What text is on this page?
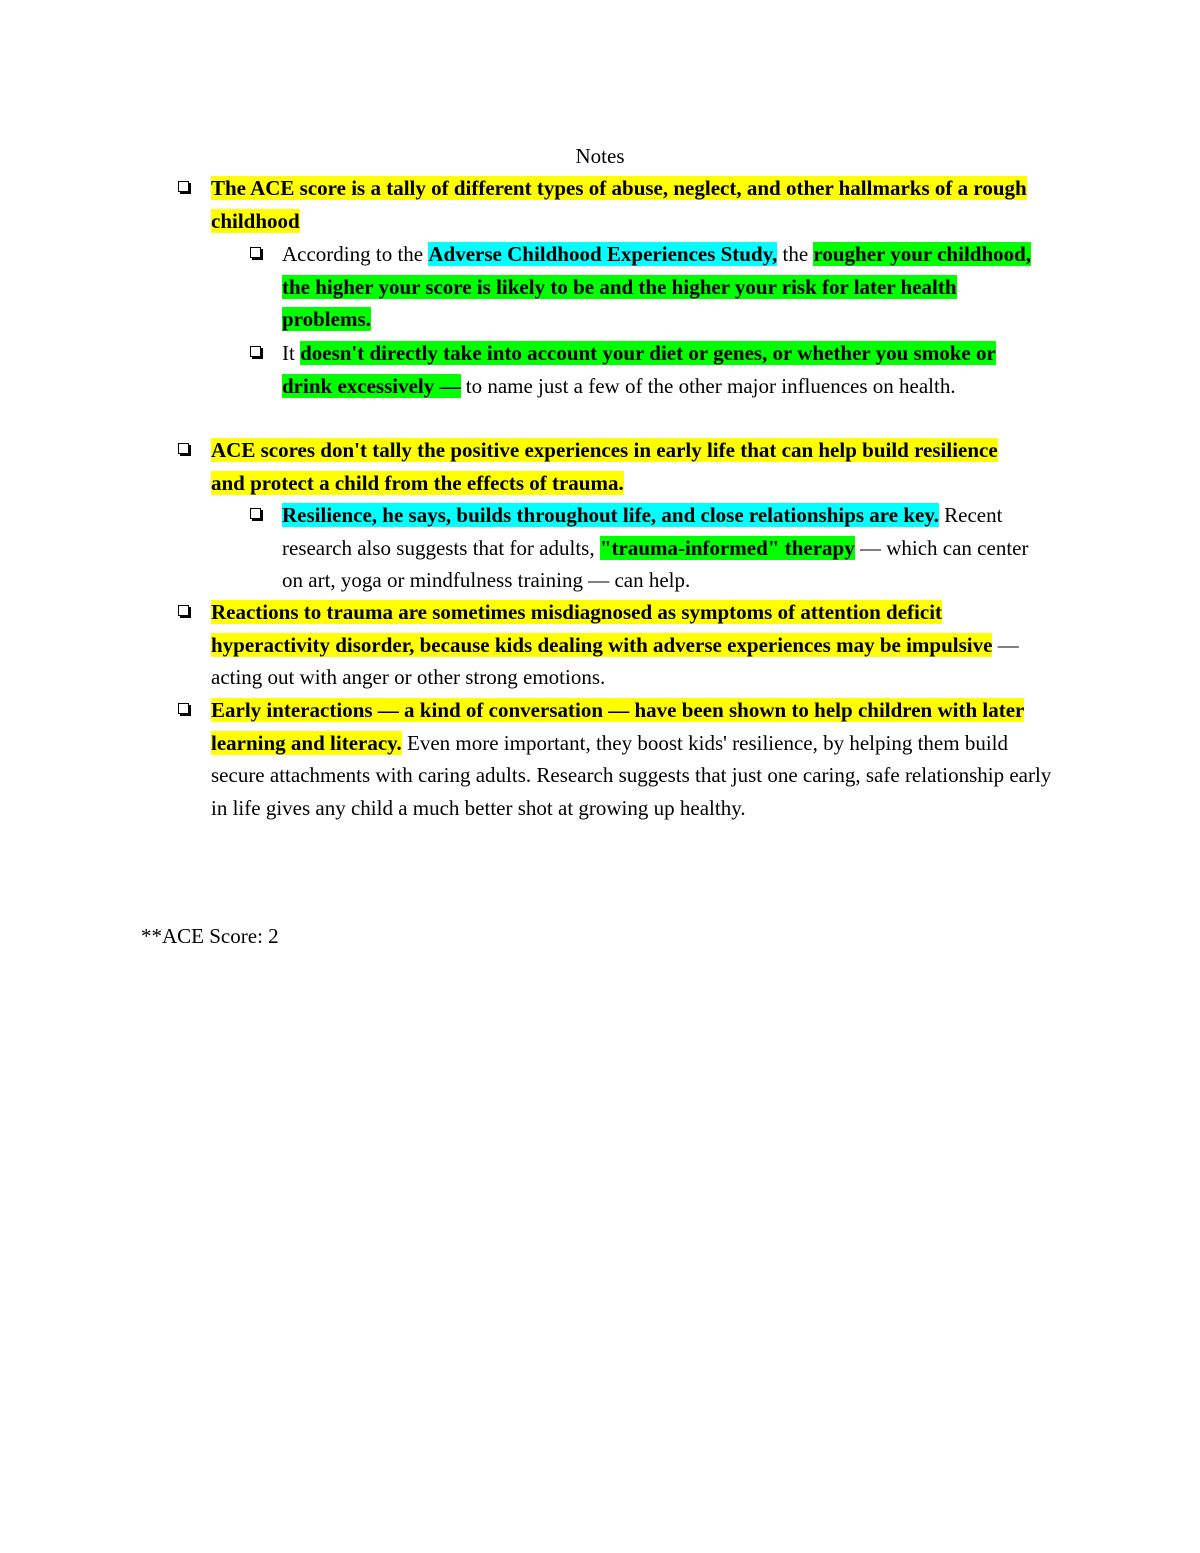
Notes
The ACE score is a tally of different types of abuse, neglect, and other hallmarks of a rough childhood
According to the Adverse Childhood Experiences Study, the rougher your childhood, the higher your score is likely to be and the higher your risk for later health problems.
It doesn't directly take into account your diet or genes, or whether you smoke or drink excessively — to name just a few of the other major influences on health.
ACE scores don't tally the positive experiences in early life that can help build resilience and protect a child from the effects of trauma.
Resilience, he says, builds throughout life, and close relationships are key. Recent research also suggests that for adults, "trauma-informed" therapy — which can center on art, yoga or mindfulness training — can help.
Reactions to trauma are sometimes misdiagnosed as symptoms of attention deficit hyperactivity disorder, because kids dealing with adverse experiences may be impulsive — acting out with anger or other strong emotions.
Early interactions — a kind of conversation — have been shown to help children with later learning and literacy. Even more important, they boost kids' resilience, by helping them build secure attachments with caring adults. Research suggests that just one caring, safe relationship early in life gives any child a much better shot at growing up healthy.
**ACE Score: 2
